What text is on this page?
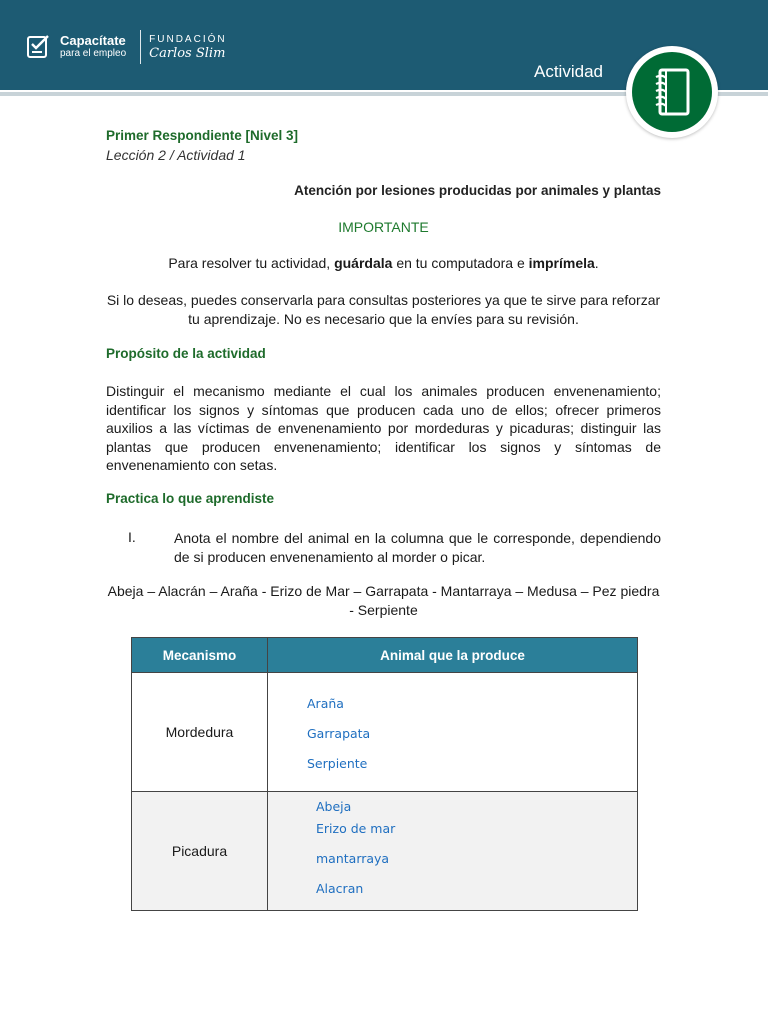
Capacítate
para el empleo
FUNDACIÓN
Carlos Slim
Actividad
Primer Respondiente [Nivel 3]
Lección 2 / Actividad 1
Atención por lesiones producidas por animales y plantas
IMPORTANTE
Para resolver tu actividad, guárdala en tu computadora e imprímela.
Si lo deseas, puedes conservarla para consultas posteriores ya que te sirve para reforzar tu aprendizaje. No es necesario que la envíes para su revisión.
Propósito de la actividad
Distinguir el mecanismo mediante el cual los animales producen envenenamiento; identificar los signos y síntomas que producen cada uno de ellos; ofrecer primeros auxilios a las víctimas de envenenamiento por mordeduras y picaduras; distinguir las plantas que producen envenenamiento; identificar los signos y síntomas de envenenamiento con setas.
Practica lo que aprendiste
I.	Anota el nombre del animal en la columna que le corresponde, dependiendo de si producen envenenamiento al morder o picar.
Abeja – Alacrán – Araña - Erizo de Mar – Garrapata - Mantarraya – Medusa – Pez piedra - Serpiente
Mecanismo	Animal que la produce
Mordedura	Araña
Garrapata
Serpiente

Picadura	Abeja
Erizo de mar
mantarraya
Alacran
